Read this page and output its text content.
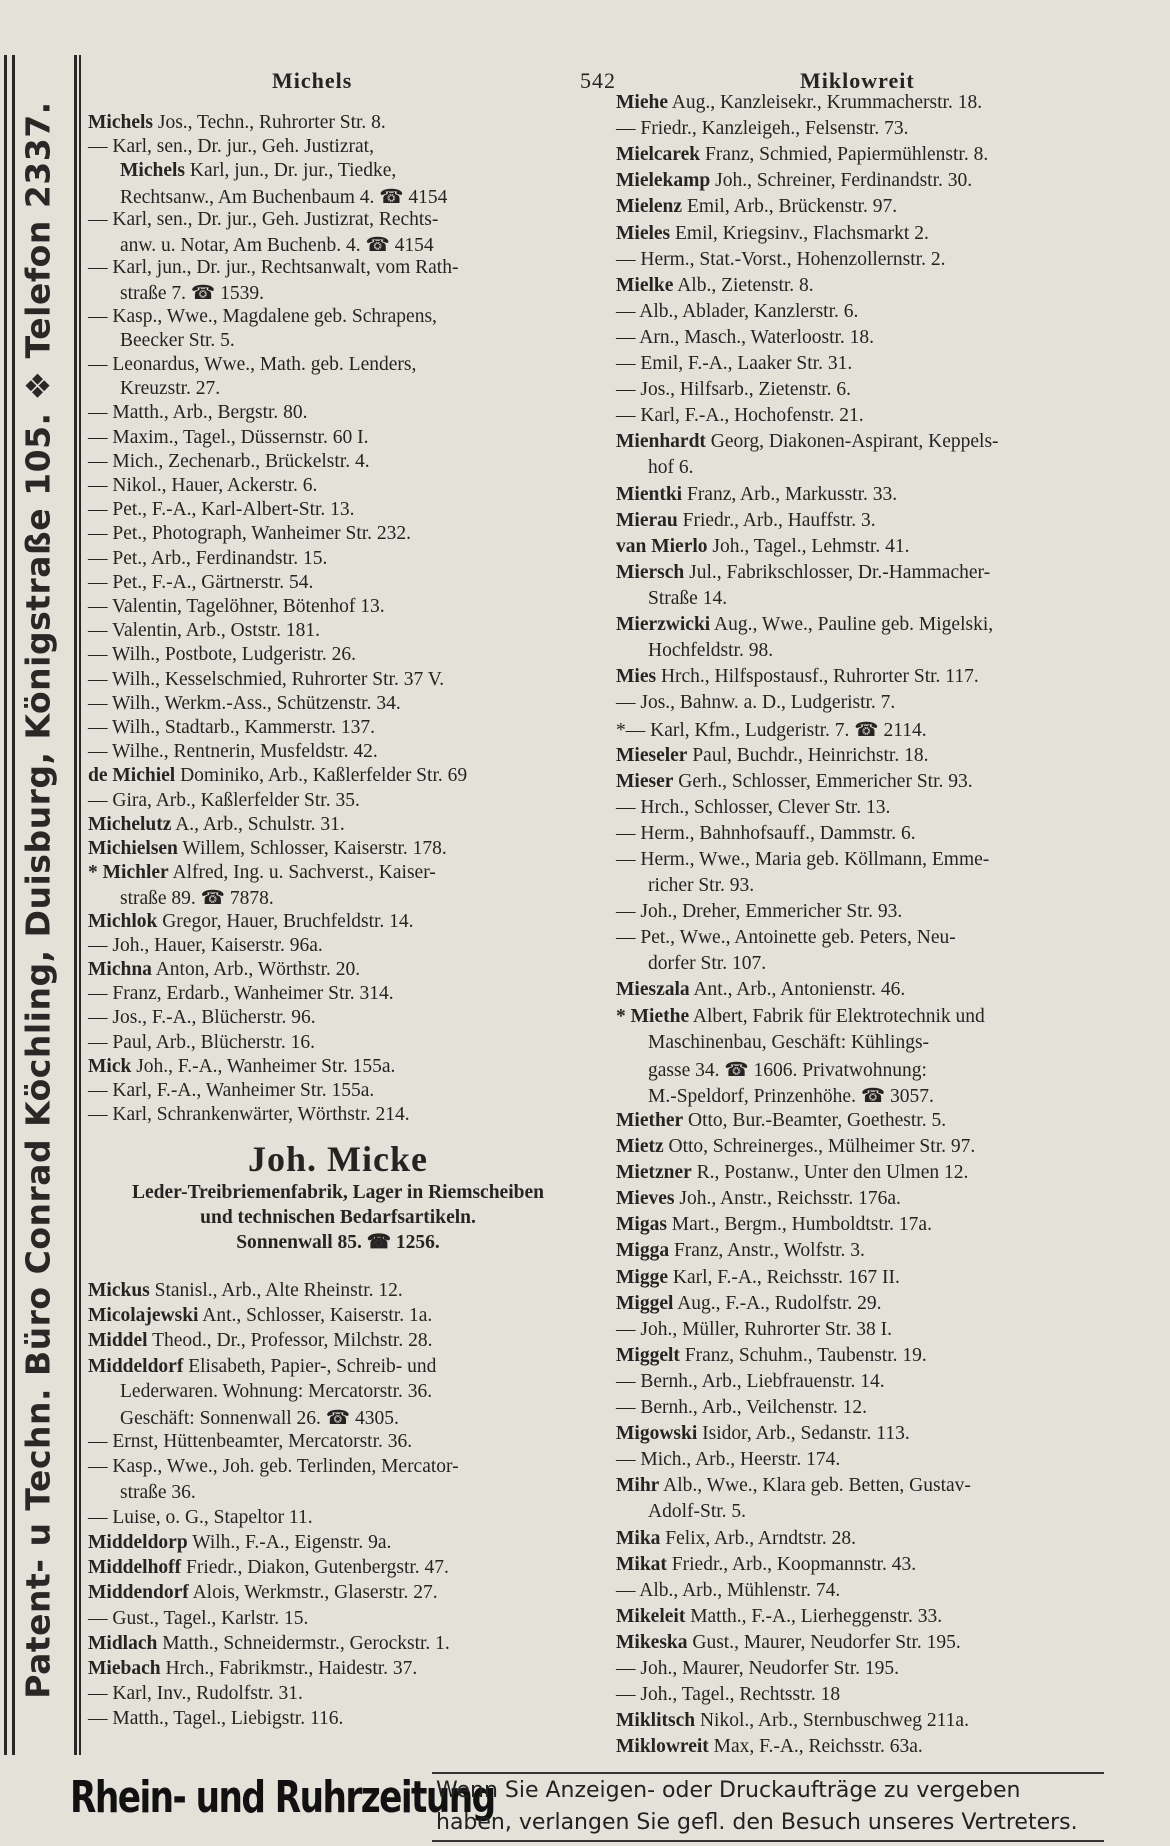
Patent- u Techn. Büro Conrad Köchling, Duisburg, Königstraße 105. ❖ Telefon 2337.
Michels	542	Miklowreit
Michels Jos., Techn., Ruhrorter Str. 8.
— Karl, sen., Dr. jur., Geh. Justizrat,
Michels Karl, jun., Dr. jur., Tiedke,
Rechtsanw., Am Buchenbaum 4. ☎ 4154
— Karl, sen., Dr. jur., Geh. Justizrat, Rechts-
anw. u. Notar, Am Buchenb. 4. ☎ 4154
— Karl, jun., Dr. jur., Rechtsanwalt, vom Rath-
straße 7. ☎ 1539.
— Kasp., Wwe., Magdalene geb. Schrapens,
Beecker Str. 5.
— Leonardus, Wwe., Math. geb. Lenders,
Kreuzstr. 27.
— Matth., Arb., Bergstr. 80.
— Maxim., Tagel., Düssernstr. 60 I.
— Mich., Zechenarb., Brückelstr. 4.
— Nikol., Hauer, Ackerstr. 6.
— Pet., F.-A., Karl-Albert-Str. 13.
— Pet., Photograph, Wanheimer Str. 232.
— Pet., Arb., Ferdinandstr. 15.
— Pet., F.-A., Gärtnerstr. 54.
— Valentin, Tagelöhner, Bötenhof 13.
— Valentin, Arb., Oststr. 181.
— Wilh., Postbote, Ludgeristr. 26.
— Wilh., Kesselschmied, Ruhrorter Str. 37 V.
— Wilh., Werkm.-Ass., Schützenstr. 34.
— Wilh., Stadtarb., Kammerstr. 137.
— Wilhe., Rentnerin, Musfeldstr. 42.
de Michiel Dominiko, Arb., Kaßlerfelder Str. 69
— Gira, Arb., Kaßlerfelder Str. 35.
Michelutz A., Arb., Schulstr. 31.
Michielsen Willem, Schlosser, Kaiserstr. 178.
* Michler Alfred, Ing. u. Sachverst., Kaiser-
straße 89. ☎ 7878.
Michlok Gregor, Hauer, Bruchfeldstr. 14.
— Joh., Hauer, Kaiserstr. 96a.
Michna Anton, Arb., Wörthstr. 20.
— Franz, Erdarb., Wanheimer Str. 314.
— Jos., F.-A., Blücherstr. 96.
— Paul, Arb., Blücherstr. 16.
Mick Joh., F.-A., Wanheimer Str. 155a.
— Karl, F.-A., Wanheimer Str. 155a.
— Karl, Schrankenwärter, Wörthstr. 214.
Joh. Micke
Leder-Treibriemenfabrik, Lager in Riemscheiben
und technischen Bedarfsartikeln.
Sonnenwall 85. ☎ 1256.
Mickus Stanisl., Arb., Alte Rheinstr. 12.
Micolajewski Ant., Schlosser, Kaiserstr. 1a.
Middel Theod., Dr., Professor, Milchstr. 28.
Middeldorf Elisabeth, Papier-, Schreib- und
Lederwaren. Wohnung: Mercatorstr. 36.
Geschäft: Sonnenwall 26. ☎ 4305.
— Ernst, Hüttenbeamter, Mercatorstr. 36.
— Kasp., Wwe., Joh. geb. Terlinden, Mercator-
straße 36.
— Luise, o. G., Stapeltor 11.
Middeldorp Wilh., F.-A., Eigenstr. 9a.
Middelhoff Friedr., Diakon, Gutenbergstr. 47.
Middendorf Alois, Werkmstr., Glaserstr. 27.
— Gust., Tagel., Karlstr. 15.
Midlach Matth., Schneidermstr., Gerockstr. 1.
Miebach Hrch., Fabrikmstr., Haidestr. 37.
— Karl, Inv., Rudolfstr. 31.
— Matth., Tagel., Liebigstr. 116.
Miehe Aug., Kanzleisekr., Krummacherstr. 18.
— Friedr., Kanzleigeh., Felsenstr. 73.
Mielcarek Franz, Schmied, Papiermühlenstr. 8.
Mielekamp Joh., Schreiner, Ferdinandstr. 30.
Mielenz Emil, Arb., Brückenstr. 97.
Mieles Emil, Kriegsinv., Flachsmarkt 2.
— Herm., Stat.-Vorst., Hohenzollernstr. 2.
Mielke Alb., Zietenstr. 8.
— Alb., Ablader, Kanzlerstr. 6.
— Arn., Masch., Waterloostr. 18.
— Emil, F.-A., Laaker Str. 31.
— Jos., Hilfsarb., Zietenstr. 6.
— Karl, F.-A., Hochofenstr. 21.
Mienhardt Georg, Diakonen-Aspirant, Keppels-
hof 6.
Mientki Franz, Arb., Markusstr. 33.
Mierau Friedr., Arb., Hauffstr. 3.
van Mierlo Joh., Tagel., Lehmstr. 41.
Miersch Jul., Fabrikschlosser, Dr.-Hammacher-
Straße 14.
Mierzwicki Aug., Wwe., Pauline geb. Migelski,
Hochfeldstr. 98.
Mies Hrch., Hilfspostausf., Ruhrorter Str. 117.
— Jos., Bahnw. a. D., Ludgeristr. 7.
*— Karl, Kfm., Ludgeristr. 7. ☎ 2114.
Mieseler Paul, Buchdr., Heinrichstr. 18.
Mieser Gerh., Schlosser, Emmericher Str. 93.
— Hrch., Schlosser, Clever Str. 13.
— Herm., Bahnhofsauff., Dammstr. 6.
— Herm., Wwe., Maria geb. Köllmann, Emme-
richer Str. 93.
— Joh., Dreher, Emmericher Str. 93.
— Pet., Wwe., Antoinette geb. Peters, Neu-
dorfer Str. 107.
Mieszala Ant., Arb., Antonienstr. 46.
* Miethe Albert, Fabrik für Elektrotechnik und
Maschinenbau, Geschäft: Kühlings-
gasse 34. ☎ 1606. Privatwohnung:
M.-Speldorf, Prinzenhöhe. ☎ 3057.
Miether Otto, Bur.-Beamter, Goethestr. 5.
Mietz Otto, Schreinerges., Mülheimer Str. 97.
Mietzner R., Postanw., Unter den Ulmen 12.
Mieves Joh., Anstr., Reichsstr. 176a.
Migas Mart., Bergm., Humboldtstr. 17a.
Migga Franz, Anstr., Wolfstr. 3.
Migge Karl, F.-A., Reichsstr. 167 II.
Miggel Aug., F.-A., Rudolfstr. 29.
— Joh., Müller, Ruhrorter Str. 38 I.
Miggelt Franz, Schuhm., Taubenstr. 19.
— Bernh., Arb., Liebfrauenstr. 14.
— Bernh., Arb., Veilchenstr. 12.
Migowski Isidor, Arb., Sedanstr. 113.
— Mich., Arb., Heerstr. 174.
Mihr Alb., Wwe., Klara geb. Betten, Gustav-
Adolf-Str. 5.
Mika Felix, Arb., Arndtstr. 28.
Mikat Friedr., Arb., Koopmannstr. 43.
— Alb., Arb., Mühlenstr. 74.
Mikeleit Matth., F.-A., Lierheggenstr. 33.
Mikeska Gust., Maurer, Neudorfer Str. 195.
— Joh., Maurer, Neudorfer Str. 195.
— Joh., Tagel., Rechtsstr. 18
Miklitsch Nikol., Arb., Sternbuschweg 211a.
Miklowreit Max, F.-A., Reichsstr. 63a.
Rhein- und Ruhrzeitung
Wenn Sie Anzeigen- oder Druckaufträge zu vergeben
haben, verlangen Sie gefl. den Besuch unseres Vertreters.
